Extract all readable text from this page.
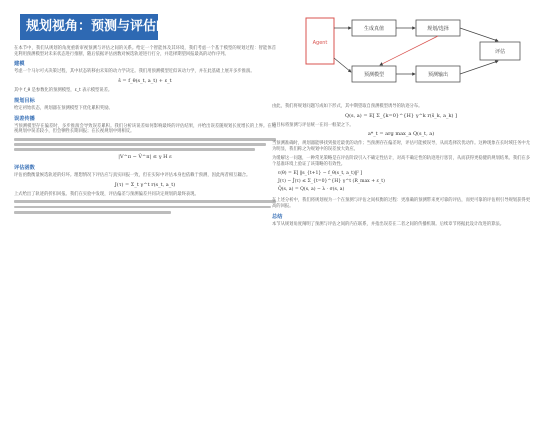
规划视角：预测与评估的关系
Agent
生成真值	规划/选择
预测模型	预测输出
评估

在本节中，我们从规划的角度重新审视预测与评估之间的关系。给定一个智能体及其环境，我们考虑一个基于模型的规划过程：智能体首先利用预测模型对未来状态进行推断，随后依据评估函数对候选轨迹进行打分，并选择期望回报最高的动作序列。

建模

考虑一个马尔可夫决策过程，其中状态转移由未知的动力学决定。我们用预测模型近似该动力学，并在此基础上展开多步推演。

ŝ = f_θ(s_t, a_t) + ε_t

其中 f_θ 是参数化的预测模型，ε_t 表示模型误差。

规划目标

给定初始状态，规划器在预测模型下优化累积奖励。

误差传播

当预测模型存在偏差时，多步推演会导致误差累积。我们分析该误差如何影响最终的评估结果，并给出误差随规划长度增长的上界。在短视规划中误差较小，但会牺牲长期回报；在长视规划中则相反。

|V^π − V̂^π| ≤ γ H ε
评估函数

评估函数衡量候选轨迹的好坏。理想情况下评估应与真实回报一致，但在实际中评估本身也依赖于预测，因此两者相互耦合。

J(τ) = Σ_t γ^t r(s_t, a_t)

上式给出了轨迹的折扣回报。我们在实验中发现，评估偏差与预测偏差共同决定规划的最终表现。

由此，我们将规划问题写成如下形式，其中期望取自预测模型诱导的轨迹分布。

Q(s, a) = E[ Σ_{k=0}^{H} γ^k r(ŝ_k, a_k) ]

该目标将预测与评估统一在同一框架之下。

a*_t = arg max_a Q(s_t, a)

当预测准确时，规划器能够找到接近最优的动作；当预测存在偏差时，评估可能被误导，从而选择次优动作。这种现象在长时域任务中尤为明显，我们称之为规划中的误差放大效应。

为缓解这一问题，一种常见策略是在评估阶段引入不确定性估计，对高不确定性的轨迹进行惩罚，从而获得更稳健的规划结果。我们在多个基准环境上验证了该策略的有效性。

ℓ(θ) = E[ ‖s_{t+1} − f_θ(s_t, a_t)‖² ]
J(τ) − Ĵ(τ) ≤ Σ_{t=0}^{H} γ^t (R_max + ε_t)
Q̂(s, a) = Q(s, a) − λ · σ(s, a)

在上述分析中，我们将规划视为一个在预测与评估之间权衡的过程：更准确的预测带来更可靠的评估，而更可靠的评估则引导规划获得更高的回报。

总结

本节从规划角度阐明了预测与评估之间的内在联系，并指出误差在二者之间的传播机制。后续章节将据此设计改进的算法。
